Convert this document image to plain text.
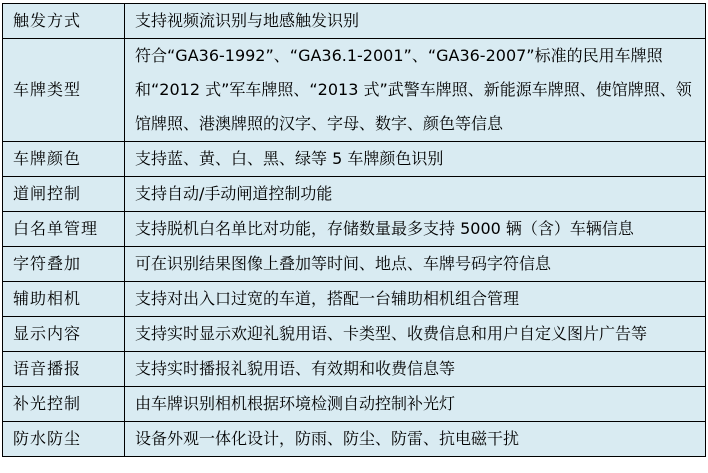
触发方式	支持视频流识别与地感触发识别
车牌类型	符合“GA36-1992”、“GA36.1-2001”、“GA36-2007”标准的民用车牌照和“2012 式”军车牌照、“2013 式”武警车牌照、新能源车牌照、使馆牌照、领馆牌照、港澳牌照的汉字、字母、数字、颜色等信息
车牌颜色	支持蓝、黄、白、黑、绿等 5 车牌颜色识别
道闸控制	支持自动/手动闸道控制功能
白名单管理	支持脱机白名单比对功能，存储数量最多支持 5000 辆（含）车辆信息
字符叠加	可在识别结果图像上叠加等时间、地点、车牌号码字符信息
辅助相机	支持对出入口过宽的车道，搭配一台辅助相机组合管理
显示内容	支持实时显示欢迎礼貌用语、卡类型、收费信息和用户自定义图片广告等
语音播报	支持实时播报礼貌用语、有效期和收费信息等
补光控制	由车牌识别相机根据环境检测自动控制补光灯
防水防尘	设备外观一体化设计，防雨、防尘、防雷、抗电磁干扰
